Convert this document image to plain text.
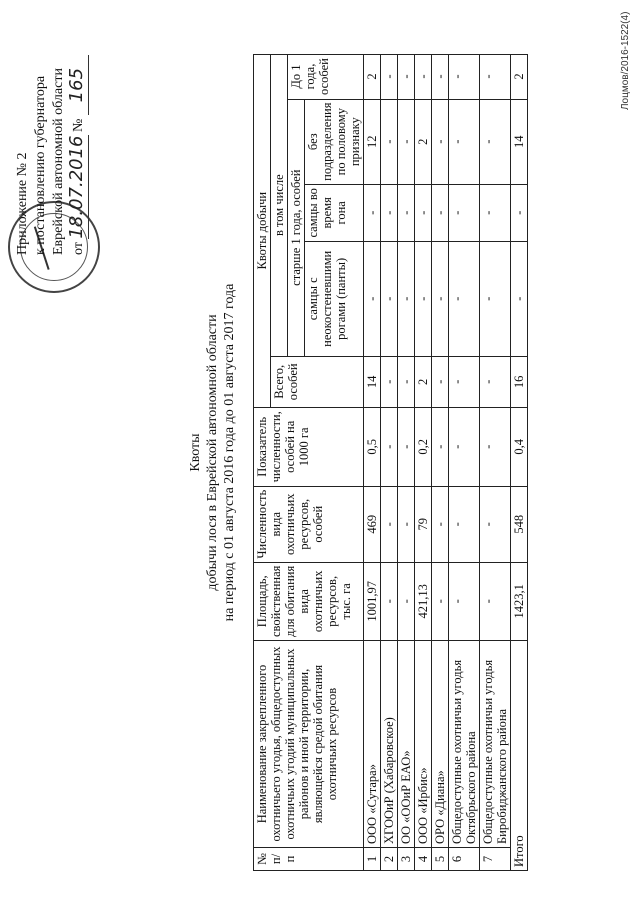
Приложение № 2 к постановлению губернатора Еврейской автономной области от 18.07.2016 № 165
Квоты добычи лося в Еврейской автономной области на период с 01 августа 2016 года до 01 августа 2017 года
№ п/п	Наименование закрепленного охотничьего угодья, общедоступных охотничьих угодий муниципальных районов и иной территории, являющейся средой обитания охотничьих ресурсов	Площадь, свойственная для обитания вида охотничьих ресурсов, тыс. га	Численность вида охотничьих ресурсов, особей	Показатель численности, особей на 1000 га	Квоты добычи				
					Всего, особей	в том числе			
						старше 1 года, особей			До 1 года, особей
						самцы с неокостеневшими рогами (панты)	самцы во время гона	без подразделения по половому признаку	
1	ООО «Сутара»	1001,97	469	0,5	14	-	-	12	2
2	ХГООиР (Хабаровское)	-	-	-	-	-	-	-	-
3	ОО «ООиР ЕАО»	-	-	-	-	-	-	-	-
4	ООО «Ирбис»	421,13	79	0,2	2	-	-	2	-
5	ОРО «Диана»	-	-	-	-	-	-	-	-
6	Общедоступные охотничьи угодья Октябрьского района	-	-	-	-	-	-	-	-
7	Общедоступные охотничьи угодья Биробиджанского района	-	-	-	-	-	-	-	-
Итого		1423,1	548	0,4	16	-	-	14	2	Лоцмов/2016-1522(4)
